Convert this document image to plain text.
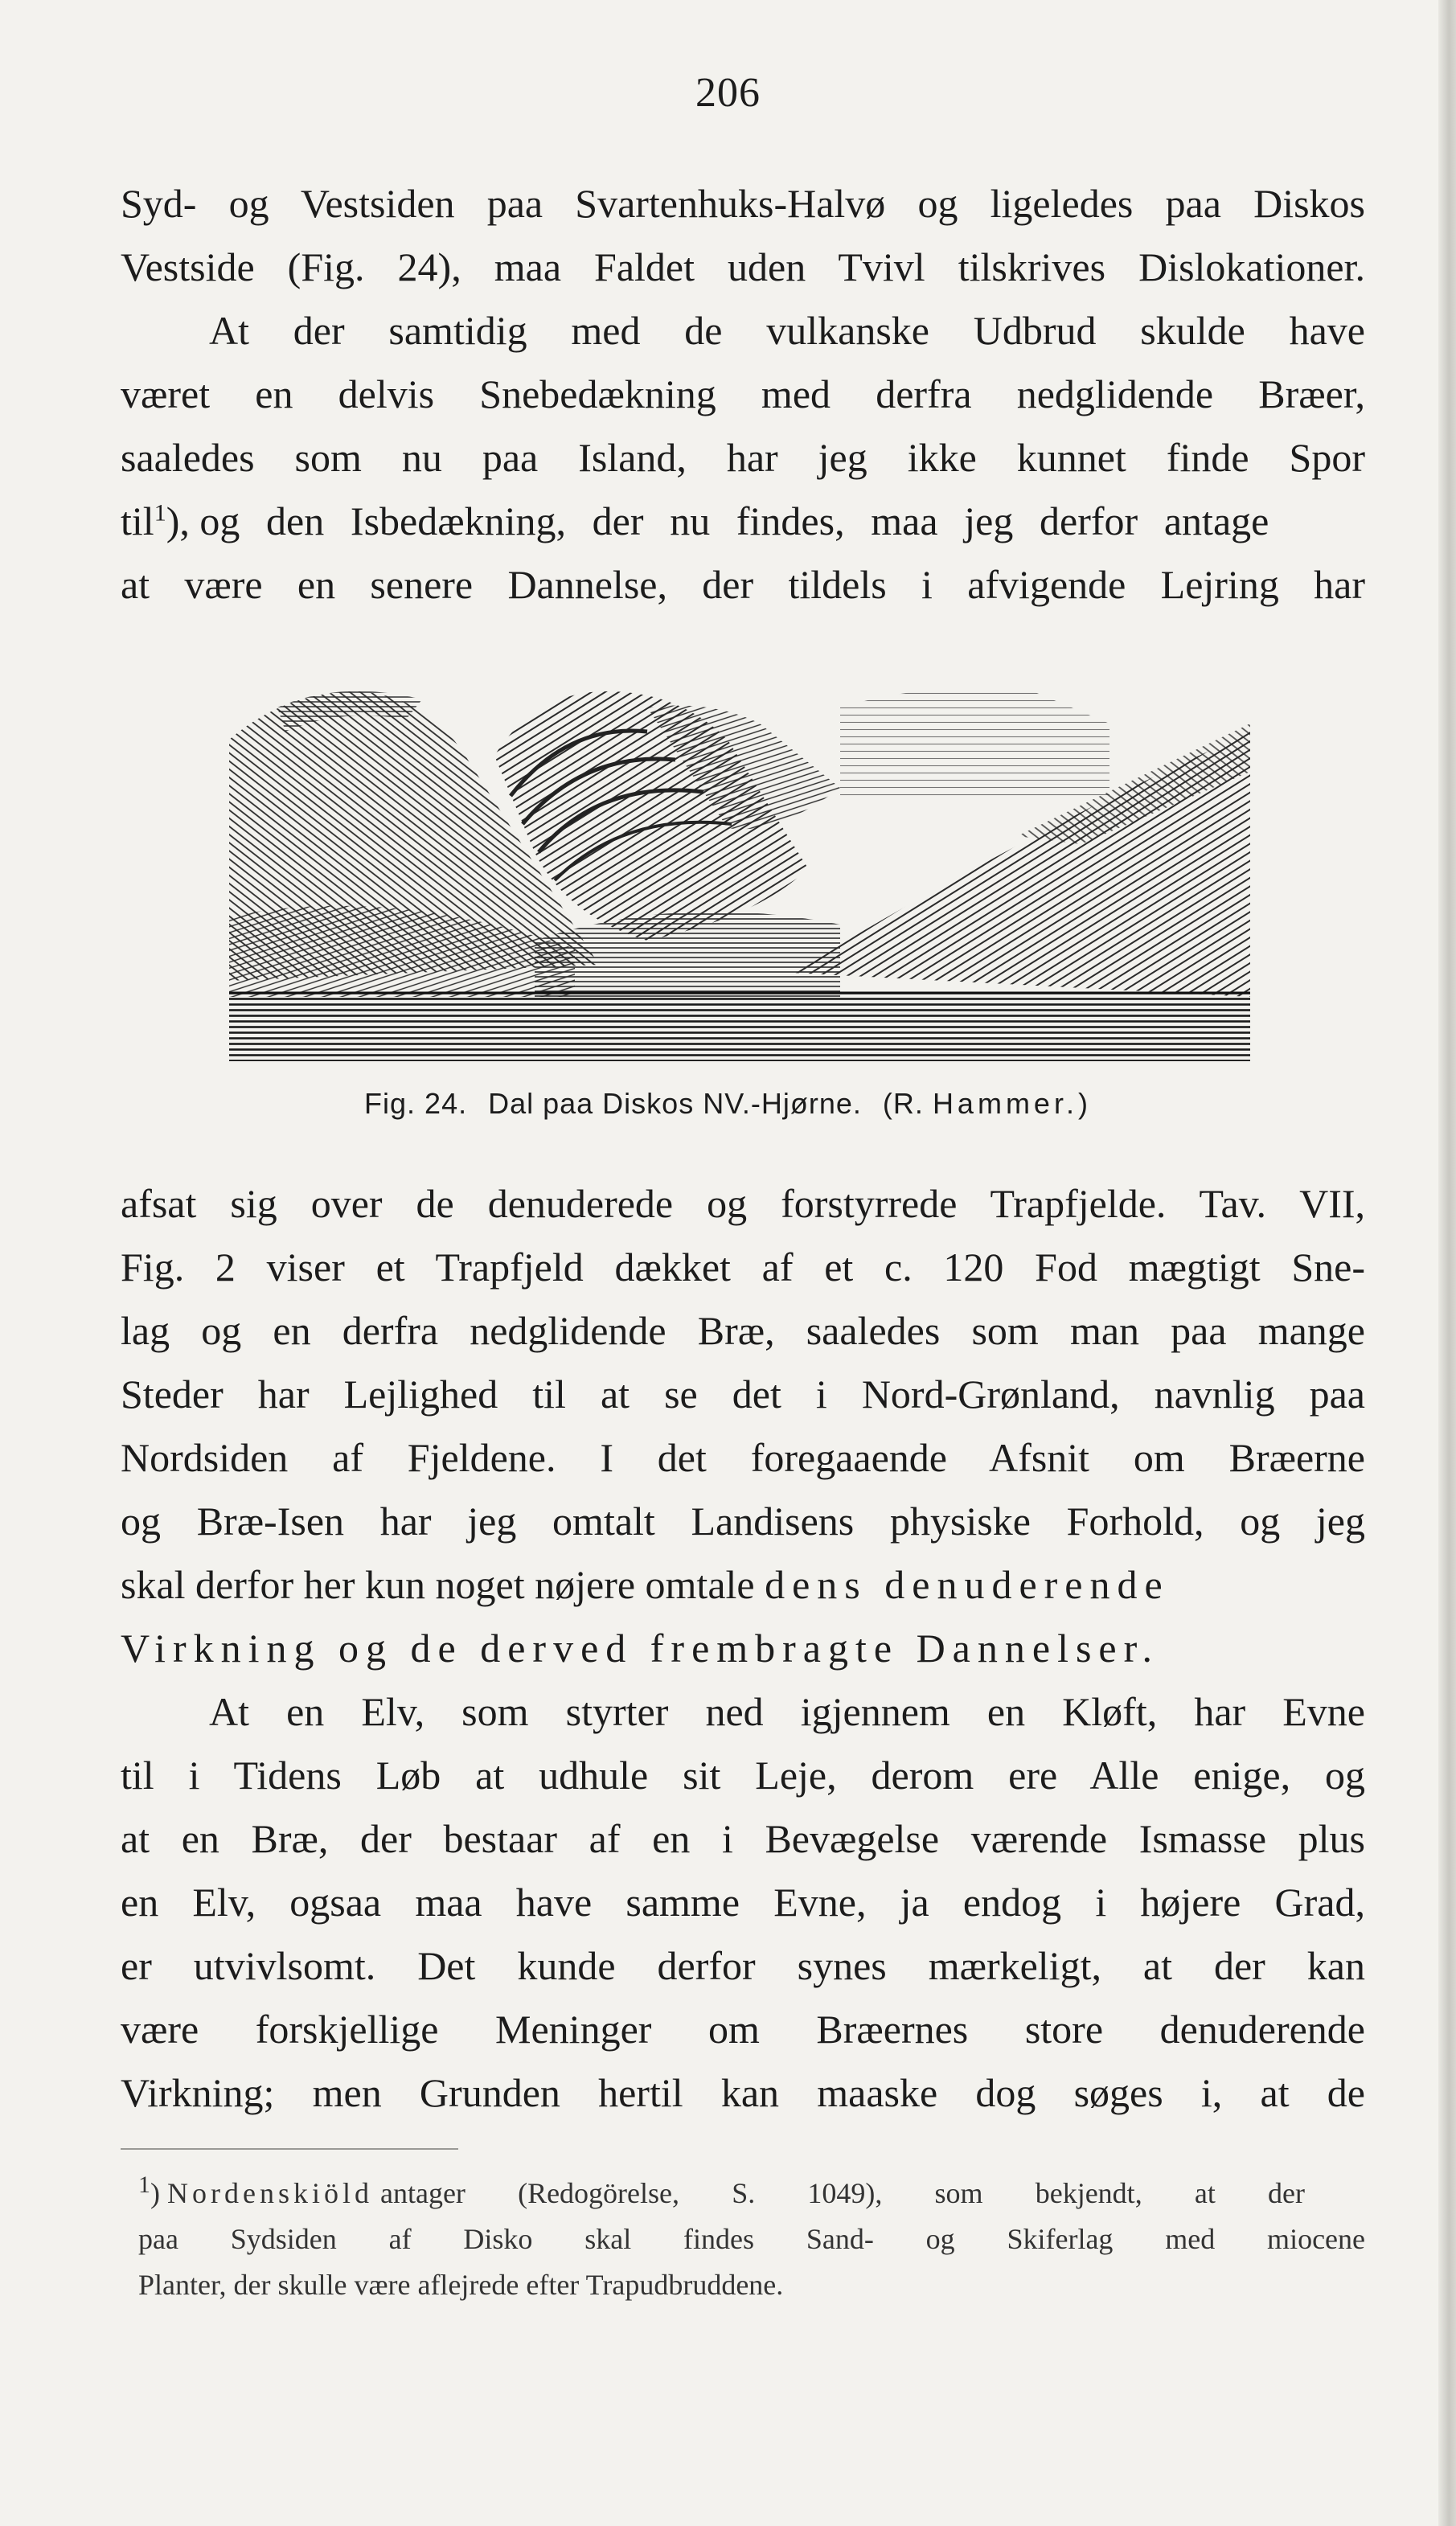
206
Syd- og Vestsiden paa Svartenhuks-Halvø og ligeledes paa Diskos
Vestside (Fig. 24), maa Faldet uden Tvivl tilskrives Dislokationer.
At der samtidig med de vulkanske Udbrud skulde have
været en delvis Snebedækning med derfra nedglidende Bræer,
saaledes som nu paa Island, har jeg ikke kunnet finde Spor
til$^1$), og den Isbedækning, der nu findes, maa jeg derfor antage
at være en senere Dannelse, der tildels i afvigende Lejring har
Fig. 24. Dal paa Diskos NV.-Hjørne. (R. Hammer.)
afsat sig over de denuderede og forstyrrede Trapfjelde. Tav. VII,
Fig. 2 viser et Trapfjeld dækket af et c. 120 Fod mægtigt Sne-
lag og en derfra nedglidende Bræ, saaledes som man paa mange
Steder har Lejlighed til at se det i Nord-Grønland, navnlig paa
Nordsiden af Fjeldene. I det foregaaende Afsnit om Bræerne
og Bræ-Isen har jeg omtalt Landisens physiske Forhold, og jeg
skal derfor her kun noget nøjere omtale dens denuderende
Virkning og de derved frembragte Dannelser.
At en Elv, som styrter ned igjennem en Kløft, har Evne
til i Tidens Løb at udhule sit Leje, derom ere Alle enige, og
at en Bræ, der bestaar af en i Bevægelse værende Ismasse plus
en Elv, ogsaa maa have samme Evne, ja endog i højere Grad,
er utvivlsomt. Det kunde derfor synes mærkeligt, at der kan
være forskjellige Meninger om Bræernes store denuderende
Virkning; men Grunden hertil kan maaske dog søges i, at de
$^1$) Nordenskiöld antager (Redogörelse, S. 1049), som bekjendt, at der
paa Sydsiden af Disko skal findes Sand- og Skiferlag med miocene
Planter, der skulle være aflejrede efter Trapudbruddene.
